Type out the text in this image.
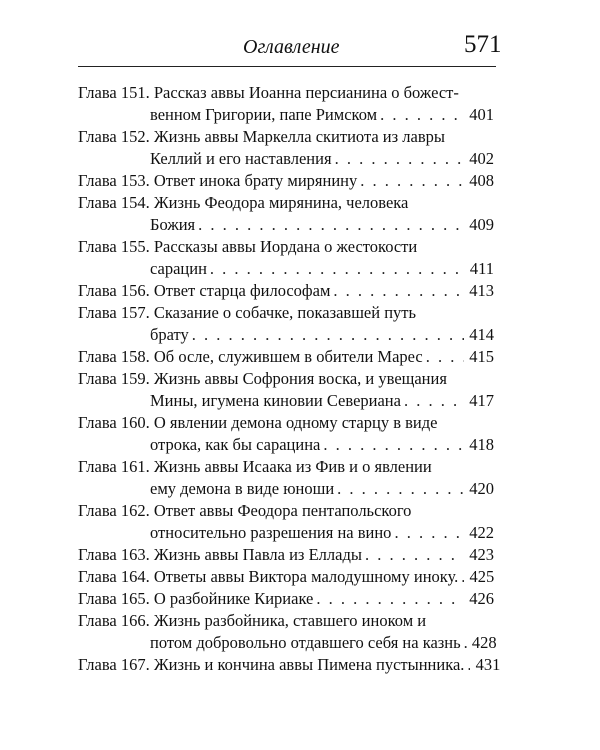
Оглавление	571
Глава 151. Рассказ аввы Иоанна персианина о божест-
венном Григории, папе Римском . . .	401
Глава 152. Жизнь аввы Маркелла скитиота из лавры
Келлий и его наставления . . .	402
Глава 153. Ответ инока брату мирянину . . .	408
Глава 154. Жизнь Феодора мирянина, человека
Божия . . .	409
Глава 155. Рассказы аввы Иордана о жестокости
сарацин . . .	411
Глава 156. Ответ старца философам . . .	413
Глава 157. Сказание о собачке, показавшей путь
брату . . .	414
Глава 158. Об осле, служившем в обители Марес . . .	415
Глава 159. Жизнь аввы Софрония воска, и увещания
Мины, игумена киновии Севериана . . .	417
Глава 160. О явлении демона одному старцу в виде
отрока, как бы сарацина . . .	418
Глава 161. Жизнь аввы Исаака из Фив и о явлении
ему демона в виде юноши . . .	420
Глава 162. Ответ аввы Феодора пентапольского
относительно разрешения на вино . . .	422
Глава 163. Жизнь аввы Павла из Еллады . . .	423
Глава 164. Ответы аввы Виктора малодушному иноку. . . . 425
Глава 165. О разбойнике Кириаке . . .	426
Глава 166. Жизнь разбойника, ставшего иноком и
потом добровольно отдавшего себя на казнь . . . 428
Глава 167. Жизнь и кончина аввы Пимена пустынника. . . . 431
